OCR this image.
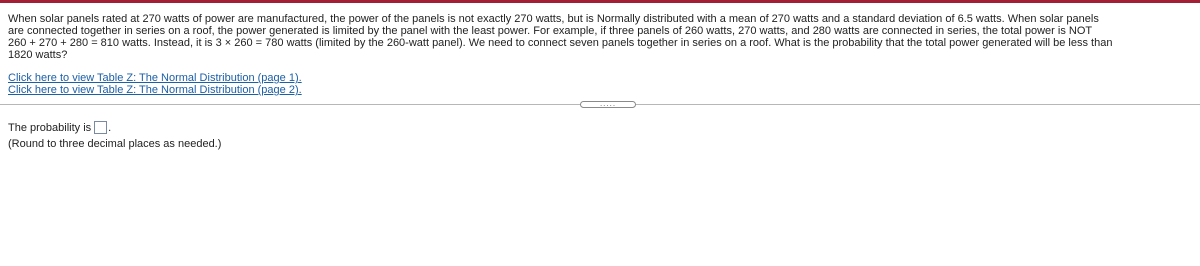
When solar panels rated at 270 watts of power are manufactured, the power of the panels is not exactly 270 watts, but is Normally distributed with a mean of 270 watts and a standard deviation of 6.5 watts. When solar panels

are connected together in series on a roof, the power generated is limited by the panel with the least power. For example, if three panels of 260 watts, 270 watts, and 280 watts are connected in series, the total power is NOT

260 + 270 + 280 = 810 watts. Instead, it is 3 × 260 = 780 watts (limited by the 260-watt panel). We need to connect seven panels together in series on a roof. What is the probability that the total power generated will be less than

1820 watts?

Click here to view Table Z: The Normal Distribution (page 1).
Click here to view Table Z: The Normal Distribution (page 2).
.....
The probability is .
(Round to three decimal places as needed.)
